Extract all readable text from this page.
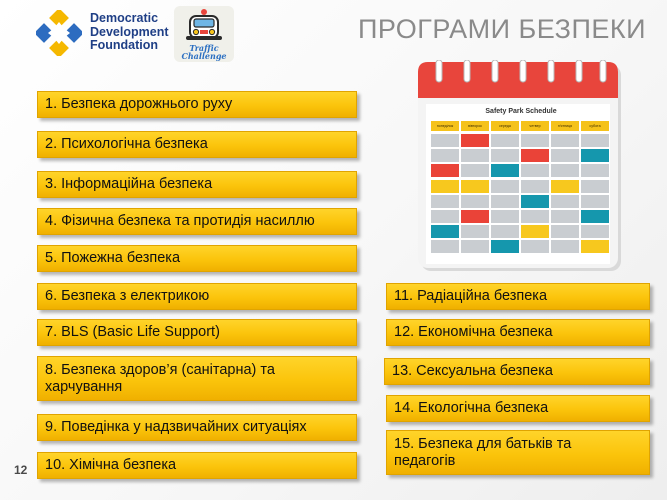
Democratic
Development
Foundation	Traffic
Challenge
ПРОГРАМИ БЕЗПЕКИ
Safety Park Schedule
понеділок	вівторок	середа	четвер	п'ятниця	субота
1. Безпека дорожнього руху
2. Психологічна безпека
3. Інформаційна безпека
4. Фізична безпека та протидія насиллю
5. Пожежна безпека
6. Безпека з електрикою
7. BLS (Basic Life Support)
8. Безпека здоров’я (санітарна) та
харчування
9. Поведінка у надзвичайних ситуаціях
10. Хімічна безпека
11. Радіаційна безпека
12. Економічна безпека
13. Сексуальна безпека
14. Екологічна безпека
15. Безпека для батьків та
педагогів
12
